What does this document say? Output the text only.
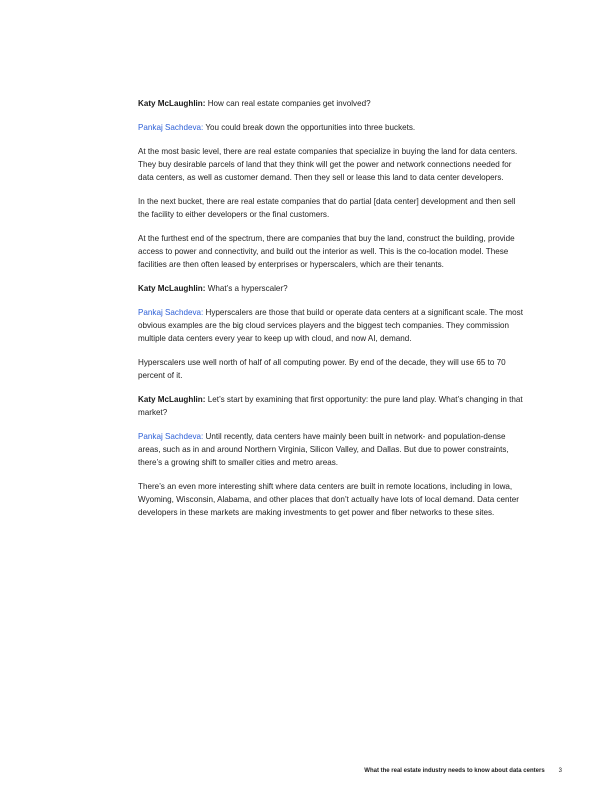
Katy McLaughlin: How can real estate companies get involved?

Pankaj Sachdeva: You could break down the opportunities into three buckets.

At the most basic level, there are real estate companies that specialize in buying the land for data centers. They buy desirable parcels of land that they think will get the power and network connections needed for data centers, as well as customer demand. Then they sell or lease this land to data center developers.

In the next bucket, there are real estate companies that do partial [data center] development and then sell the facility to either developers or the final customers.

At the furthest end of the spectrum, there are companies that buy the land, construct the building, provide access to power and connectivity, and build out the interior as well. This is the co-location model. These facilities are then often leased by enterprises or hyperscalers, which are their tenants.

Katy McLaughlin: What’s a hyperscaler?

Pankaj Sachdeva: Hyperscalers are those that build or operate data centers at a significant scale. The most obvious examples are the big cloud services players and the biggest tech companies. They commission multiple data centers every year to keep up with cloud, and now AI, demand.

Hyperscalers use well north of half of all computing power. By end of the decade, they will use 65 to 70 percent of it.

Katy McLaughlin: Let’s start by examining that first opportunity: the pure land play. What’s changing in that market?

Pankaj Sachdeva: Until recently, data centers have mainly been built in network- and population-dense areas, such as in and around Northern Virginia, Silicon Valley, and Dallas. But due to power constraints, there’s a growing shift to smaller cities and metro areas.

There’s an even more interesting shift where data centers are built in remote locations, including in Iowa, Wyoming, Wisconsin, Alabama, and other places that don’t actually have lots of local demand. Data center developers in these markets are making investments to get power and fiber networks to these sites.

What the real estate industry needs to know about data centers 3
